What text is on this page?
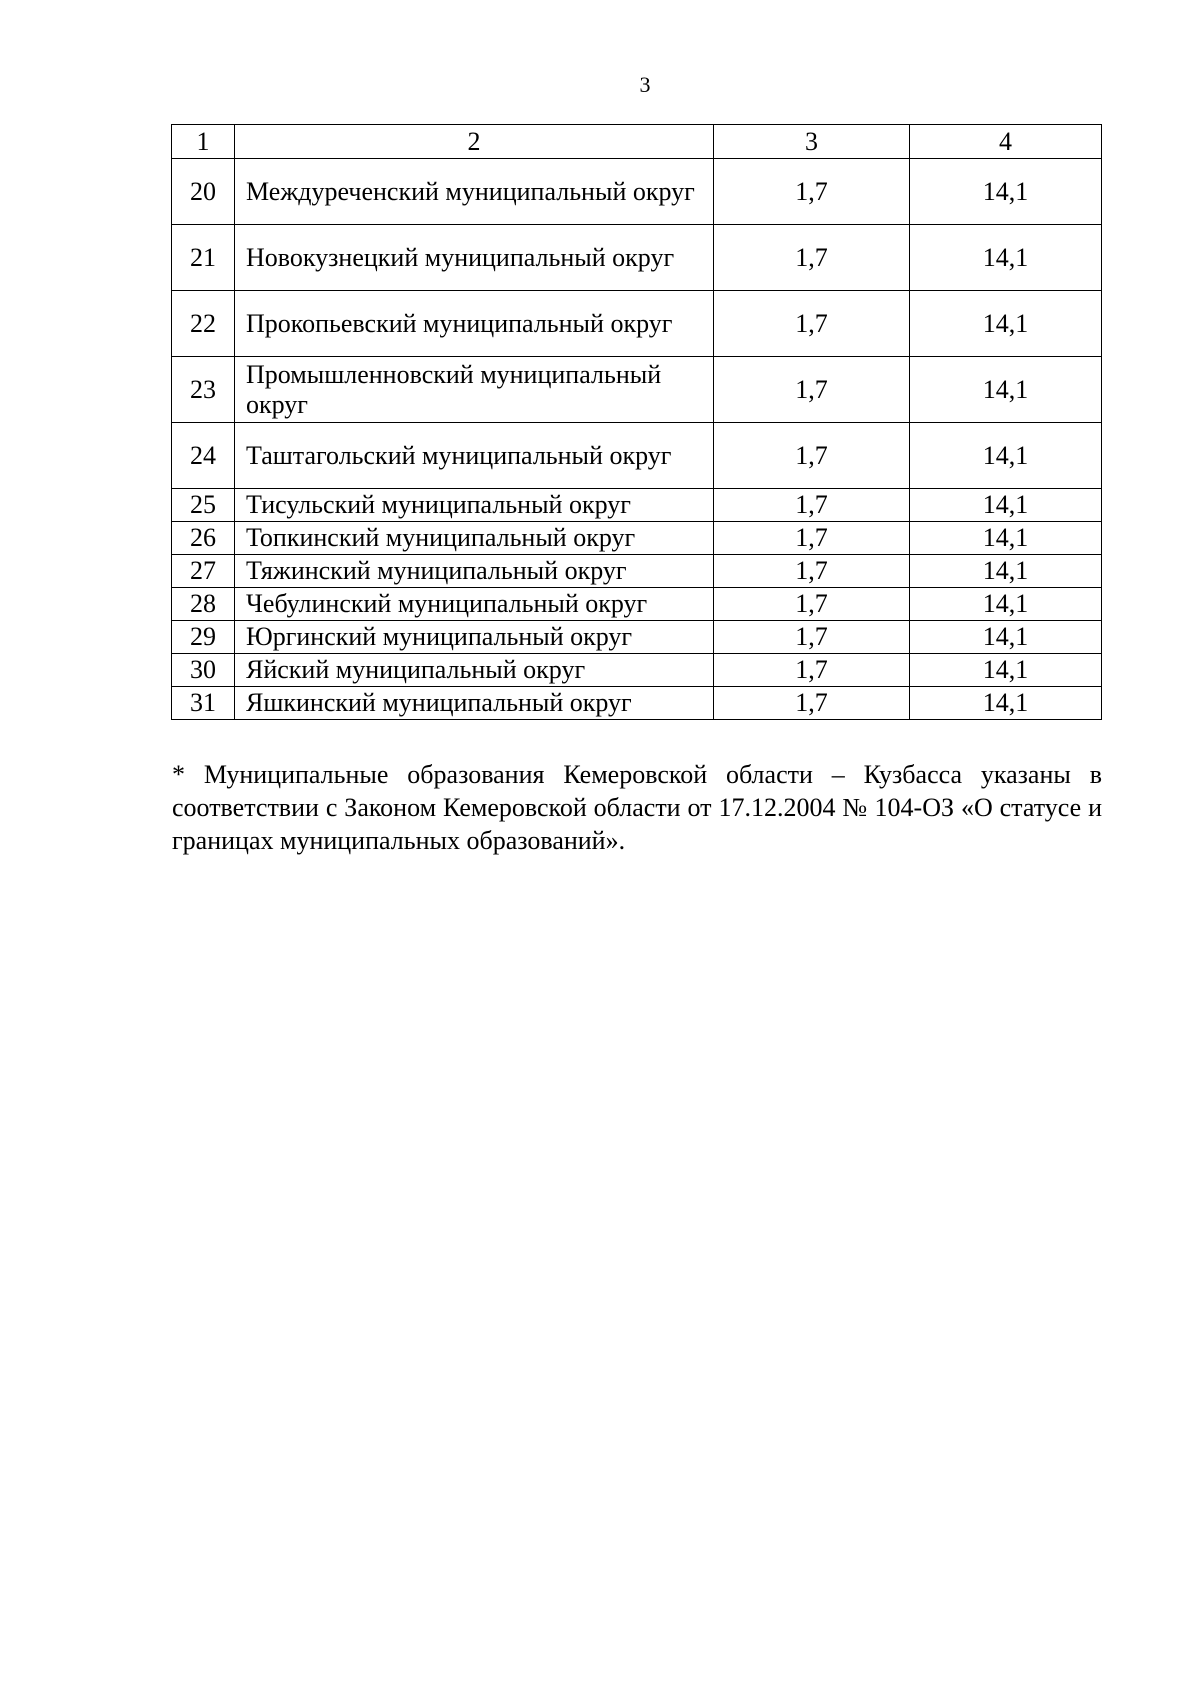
3
1	2	3	4
20	Междуреченский муниципальный округ	1,7	14,1
21	Новокузнецкий муниципальный округ	1,7	14,1
22	Прокопьевский муниципальный округ	1,7	14,1
23	Промышленновский муниципальный округ	1,7	14,1
24	Таштагольский муниципальный округ	1,7	14,1
25	Тисульский муниципальный округ	1,7	14,1
26	Топкинский муниципальный округ	1,7	14,1
27	Тяжинский муниципальный округ	1,7	14,1
28	Чебулинский муниципальный округ	1,7	14,1
29	Юргинский муниципальный округ	1,7	14,1
30	Яйский муниципальный округ	1,7	14,1
31	Яшкинский муниципальный округ	1,7	14,1

* Муниципальные образования Кемеровской области – Кузбасса указаны в соответствии с Законом Кемеровской области от 17.12.2004 № 104-ОЗ «О статусе и границах муниципальных образований».
